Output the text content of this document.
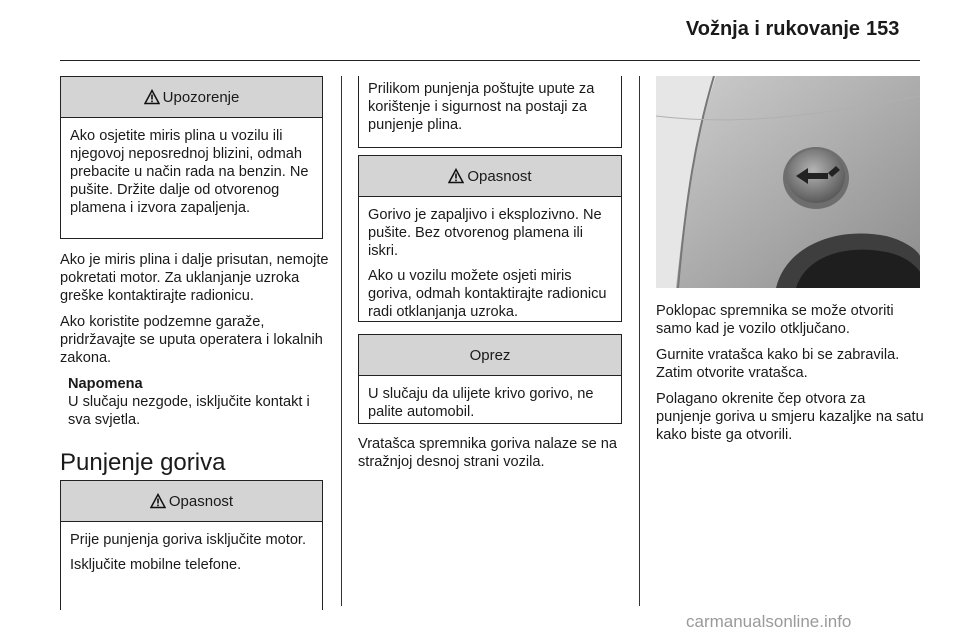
Vožnja i rukovanje 153
Upozorenje

Ako osjetite miris plina u vozilu ili njegovoj neposrednoj blizini, odmah prebacite u način rada na benzin. Ne pušite. Držite dalje od otvorenog plamena i izvora zapaljenja.

Ako je miris plina i dalje prisutan, nemojte pokretati motor. Za uklanjanje uzroka greške kontaktirajte radionicu.

Ako koristite podzemne garaže, pridržavajte se uputa operatera i lokalnih zakona.

Napomena
U slučaju nezgode, isključite kontakt i sva svjetla.
Punjenje goriva
Opasnost

Prije punjenja goriva isključite motor.

Isključite mobilne telefone.

Prilikom punjenja poštujte upute za korištenje i sigurnost na postaji za punjenje plina.

Opasnost

Gorivo je zapaljivo i eksplozivno. Ne pušite. Bez otvorenog plamena ili iskri.

Ako u vozilu možete osjeti miris goriva, odmah kontaktirajte radionicu radi otklanjanja uzroka.

Oprez

U slučaju da ulijete krivo gorivo, ne palite automobil.

Vratašca spremnika goriva nalaze se na stražnjoj desnoj strani vozila.

Poklopac spremnika se može otvoriti samo kad je vozilo otključano.

Gurnite vratašca kako bi se zabravila. Zatim otvorite vratašca.

Polagano okrenite čep otvora za punjenje goriva u smjeru kazaljke na satu kako biste ga otvorili.

carmanualsonline.info
